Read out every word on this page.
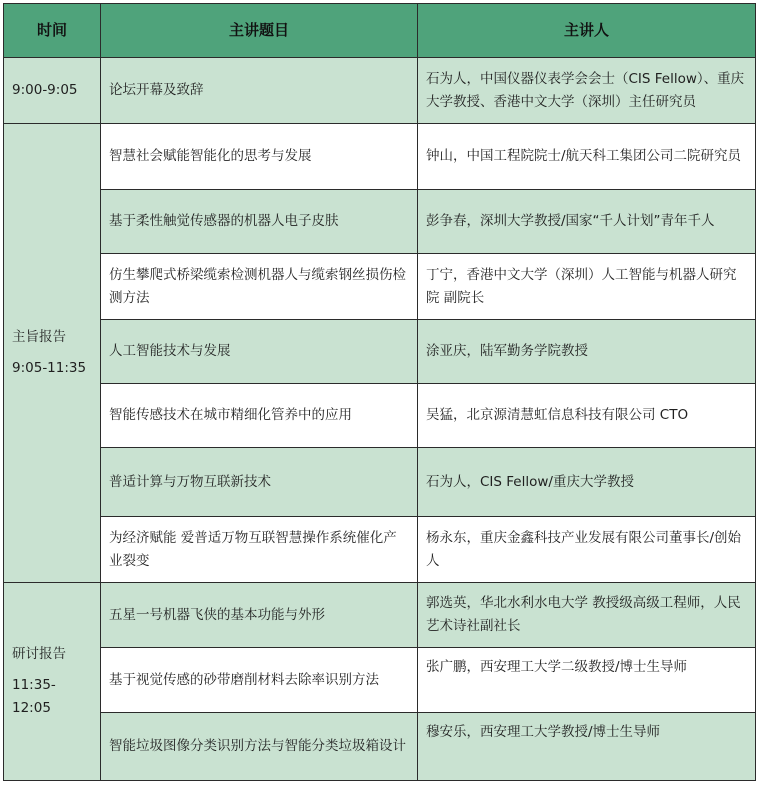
时间	主讲题目	主讲人
9:00-9:05	论坛开幕及致辞	石为人，中国仪器仪表学会会士（CIS Fellow）、重庆大学教授、香港中文大学（深圳）主任研究员

主旨报告
9:05-11:35	智慧社会赋能智能化的思考与发展	钟山，中国工程院院士/航天科工集团公司二院研究员
	基于柔性触觉传感器的机器人电子皮肤	彭争春，深圳大学教授/国家“千人计划”青年千人
	仿生攀爬式桥梁缆索检测机器人与缆索钢丝损伤检测方法	丁宁，香港中文大学（深圳）人工智能与机器人研究院 副院长
	人工智能技术与发展	涂亚庆，陆军勤务学院教授
	智能传感技术在城市精细化管养中的应用	吴猛，北京源清慧虹信息科技有限公司 CTO
	普适计算与万物互联新技术	石为人，CIS Fellow/重庆大学教授
	为经济赋能 爱普适万物互联智慧操作系统催化产业裂变	杨永东，重庆金鑫科技产业发展有限公司董事长/创始人

研讨报告
11:35-12:05	五星一号机器飞侠的基本功能与外形	郭选英，华北水利水电大学 教授级高级工程师，人民艺术诗社副社长
	基于视觉传感的砂带磨削材料去除率识别方法	张广鹏，西安理工大学二级教授/博士生导师
	智能垃圾图像分类识别方法与智能分类垃圾箱设计	穆安乐，西安理工大学教授/博士生导师
